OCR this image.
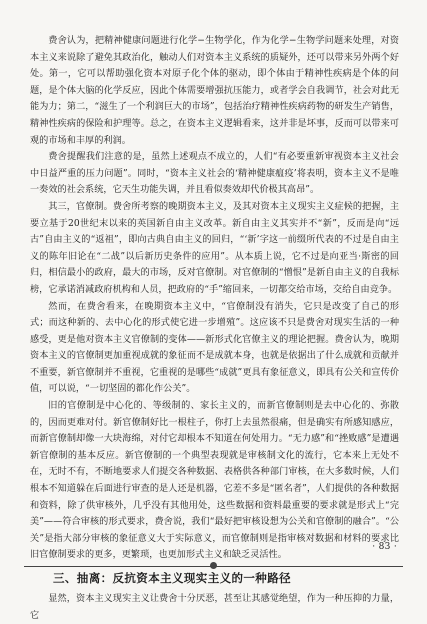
费舍认为，把精神健康问题进行化学−生物学化，作为化学−生物学问题来处理，对资本主义来说除了避免其政治化，触动人们对资本主义系统的质疑外，还可以带来另外两个好处。第一，它可以帮助强化资本对原子化个体的驱动，即个体由于精神性疾病是个体的问题，是个体大脑的化学反应，因此个体需要增强抗压能力，或者学会自我调节，社会对此无能为力；第二，“滋生了一个利润巨大的市场”，包括治疗精神性疾病药物的研发生产销售，精神性疾病的保险和护理等。总之，在资本主义逻辑看来，这并非是坏事，反而可以带来可观的市场和丰厚的利润。

费舍提醒我们注意的是，虽然上述观点不成立的，人们“有必要重新审视资本主义社会中日益严重的压力问题”。同时，“资本主义社会的‘精神健康瘟疫’将表明，资本主义不是唯一奏效的社会系统，它天生功能失调，并且看似奏效却代价极其高昂”。

其三，官僚制。费舍所考察的晚期资本主义，及其对资本主义现实主义症候的把握，主要立基于20世纪末以来的英国新自由主义改革。新自由主义其实并不“新”，反而是向“远古”自由主义的“返祖”，即向古典自由主义的回归，“‘新’字这一前缀所代表的不过是自由主义的陈年旧论在“二战”以后新历史条件的应用”。从本质上说，它不过是向亚当·斯密的回归，相信最小的政府，最大的市场，反对官僚制。对官僚制的“憎恨”是新自由主义的自我标榜，它承诺消减政府机构和人员，把政府的“手”缩回来，一切都交给市场，交给自由竞争。

然而，在费舍看来，在晚期资本主义中，“官僚制没有消失，它只是改变了自己的形式；而这种新的、去中心化的形式使它进一步增殖”。这应该不只是费舍对现实生活的一种感受，更是他对资本主义官僚制的变体——新形式化官僚主义的理论把握。费舍认为，晚期资本主义的官僚制更加重视成就的象征而不是成就本身，也就是依据出了什么成就和贡献并不重要，新官僚制并不重视，它重视的是哪些“成就”更具有象征意义，即具有公关和宣传价值，可以说，“一切坚固的都化作公关”。

旧的官僚制是中心化的、等级制的、家长主义的，而新官僚制则是去中心化的、弥散的，因而更难对付。新官僚制好比一根柱子，你打上去虽然很痛，但是确实有所感知感应，而新官僚制却像一大块海绵，对付它却根本不知道在何处用力。“无力感”和“挫败感”是遭遇新官僚制的基本反应。新官僚制的一个典型表现就是审核制文化的流行，它本来上无处不在，无时不有，不断地要求人们提交各种数据、表格供各种部门审核，在大多数时候，人们根本不知道躲在后面进行审查的是人还是机器，它差不多是“匿名者”，人们提供的各种数据和资料，除了供审核外，几乎没有其他用处，这些数据和资料最重要的要求就是形式上“完美”——符合审核的形式要求，费舍说，我们“最好把审核设想为公关和官僚制的融合”。“公关”是指大部分审核的象征意义大于实际意义，而官僚制则是指审核对数据和材料的要求比旧官僚制要求的更多，更繁琐，也更加形式主义和缺乏灵活性。

三、抽离：反抗资本主义现实主义的一种路径

显然，资本主义现实主义让费舍十分厌恶，甚至让其感觉绝望，作为一种压抑的力量，它

· 83 ·
